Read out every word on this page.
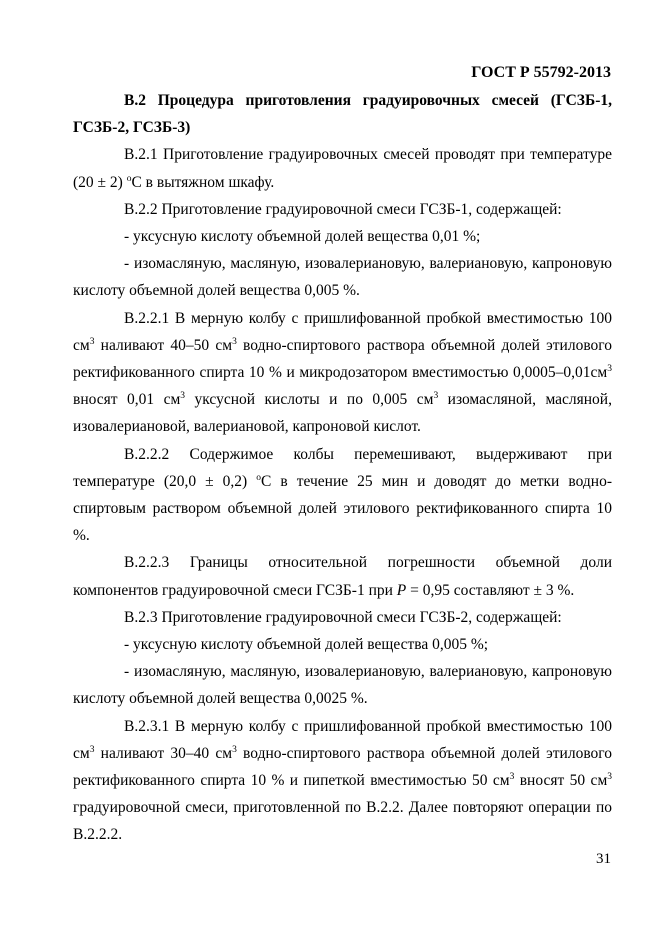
ГОСТ Р 55792-2013

В.2 Процедура приготовления градуировочных смесей (ГСЗБ-1, ГСЗБ-2, ГСЗБ-3)

В.2.1 Приготовление градуировочных смесей проводят при температуре (20 ± 2) $^о$С в вытяжном шкафу.

В.2.2 Приготовление градуировочной смеси ГСЗБ-1, содержащей:

- уксусную кислоту объемной долей вещества 0,01 %;

- изомасляную, масляную, изовалериановую, валериановую, капроновую кислоту объемной долей вещества 0,005 %.

В.2.2.1 В мерную колбу с пришлифованной пробкой вместимостью 100 $см^3$ наливают 40–50 $см^3$ водно-спиртового раствора объемной долей этилового ректификованного спирта 10 % и микродозатором вместимостью $0,0005-0,01см^3$ вносят 0,01 $см^3$ уксусной кислоты и по 0,005 $см^3$ изомасляной, масляной, изовалериановой, валериановой, капроновой кислот.

В.2.2.2 Содержимое колбы перемешивают, выдерживают при температуре (20,0 ± 0,2) $^о$С в течение 25 мин и доводят до метки водно-спиртовым раствором объемной долей этилового ректификованного спирта 10 %.

В.2.2.3 Границы относительной погрешности объемной доли компонентов градуировочной смеси ГСЗБ-1 при P = 0,95 составляют ± 3 %.

В.2.3 Приготовление градуировочной смеси ГСЗБ-2, содержащей:

- уксусную кислоту объемной долей вещества 0,005 %;

- изомасляную, масляную, изовалериановую, валериановую, капроновую кислоту объемной долей вещества 0,0025 %.

В.2.3.1 В мерную колбу с пришлифованной пробкой вместимостью 100 $см^3$ наливают 30–40 $см^3$ водно-спиртового раствора объемной долей этилового ректификованного спирта 10 % и пипеткой вместимостью 50 $см^3$ вносят 50 $см^3$ градуировочной смеси, приготовленной по В.2.2. Далее повторяют операции по В.2.2.2.

31
